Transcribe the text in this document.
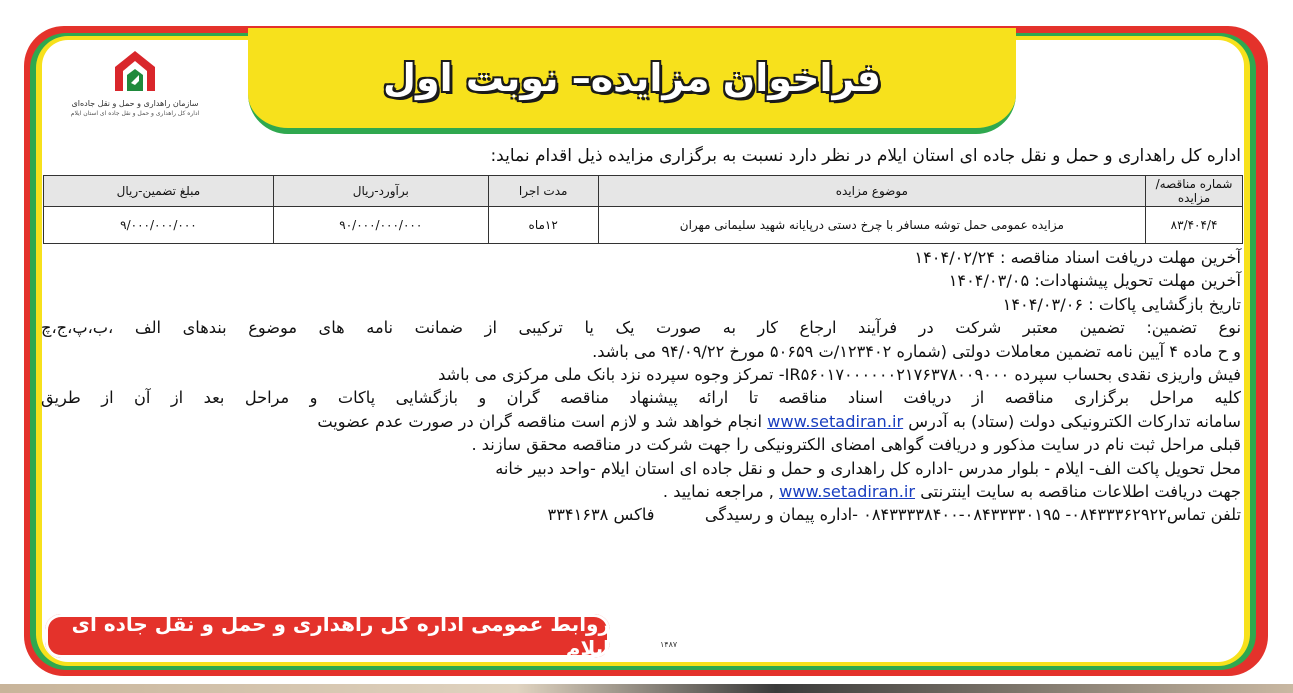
فراخوان مزایده– نوبت اول
سازمان راهداری و حمل و نقل جاده‌ای
اداره کل راهداری و حمل و نقل جاده ای استان ایلام
اداره کل راهداری و حمل و نقل جاده ای استان ایلام در نظر دارد نسبت به برگزاری مزایده ذیل اقدام نماید:
شماره مناقصه/مزایده	موضوع مزایده	مدت اجرا	برآورد-ریال	مبلغ تضمین-ریال
۸۳/۴۰۴/۴	مزایده عمومی حمل توشه مسافر با چرخ دستی درپایانه شهید سلیمانی مهران	۱۲ماه	۹۰/۰۰۰/۰۰۰/۰۰۰	۹/۰۰۰/۰۰۰/۰۰۰
آخرین مهلت دریافت اسناد مناقصه : ۱۴۰۴/۰۲/۲۴
آخرین مهلت تحویل پیشنهادات: ۱۴۰۴/۰۳/۰۵
تاریخ بازگشایی پاکات : ۱۴۰۴/۰۳/۰۶
نوع تضمین: تضمین معتبر شرکت در فرآیند ارجاع کار به صورت یک یا ترکیبی از ضمانت نامه های موضوع بندهای الف ،ب،پ،ج،چ
و ح ماده ۴ آیین نامه تضمین معاملات دولتی (شماره ۱۲۳۴۰۲/ت ۵۰۶۵۹ مورخ ۹۴/۰۹/۲۲ می باشد.
فیش واریزی نقدی بحساب سپرده IR۵۶۰۱۷۰۰۰۰۰۰۲۱۷۶۳۷۸۰۰۹۰۰۰- تمرکز وجوه سپرده نزد بانک ملی مرکزی می باشد
کلیه مراحل برگزاری مناقصه از دریافت اسناد مناقصه تا ارائه پیشنهاد مناقصه گران و بازگشایی پاکات و مراحل بعد از آن از طریق
سامانه تدارکات الکترونیکی دولت (ستاد) به آدرس www.setadiran.ir انجام خواهد شد و لازم است مناقصه گران در صورت عدم عضویت
قبلی مراحل ثبت نام در سایت مذکور و دریافت گواهی امضای الکترونیکی را جهت شرکت در مناقصه محقق سازند .
محل تحویل پاکت الف- ایلام - بلوار مدرس -اداره کل راهداری و حمل و نقل جاده ای استان ایلام -واحد دبیر خانه
جهت دریافت اطلاعات مناقصه به سایت اینترنتی www.setadiran.ir , مراجعه نمایید .
تلفن تماس۰۸۴۳۳۳۶۲۹۲۲- ۰۸۴۳۳۳۳۰۱۹۵-۰۸۴۳۳۳۳۸۴۰۰ -اداره پیمان و رسیدگی  فاکس ۳۳۴۱۶۳۸
روابط عمومی اداره کل راهداری و حمل و نقل جاده ای ایلام	۱۴۸۷
